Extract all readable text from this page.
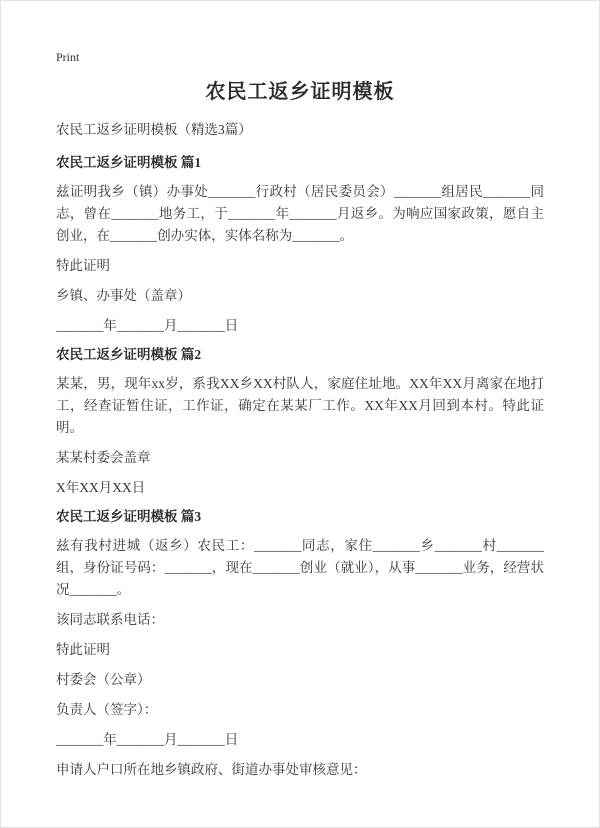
Print
农民工返乡证明模板

农民工返乡证明模板（精选3篇）

农民工返乡证明模板 篇1

兹证明我乡（镇）办事处_______行政村（居民委员会）_______组居民_______同志，曾在_______地务工，于_______年_______月返乡。为响应国家政策，愿自主创业，在_______创办实体，实体名称为_______。

特此证明

乡镇、办事处（盖章）

_______年_______月_______日

农民工返乡证明模板 篇2

某某，男，现年xx岁，系我XX乡XX村队人，家庭住址地。XX年XX月离家在地打工，经查证暂住证，工作证，确定在某某厂工作。XX年XX月回到本村。特此证明。

某某村委会盖章

X年XX月XX日

农民工返乡证明模板 篇3

兹有我村进城（返乡）农民工：_______同志，家住_______乡_______村_______组，身份证号码：_______，现在_______创业（就业），从事_______业务，经营状况_______。

该同志联系电话：

特此证明

村委会（公章）

负责人（签字）：

_______年_______月_______日

申请人户口所在地乡镇政府、街道办事处审核意见：
